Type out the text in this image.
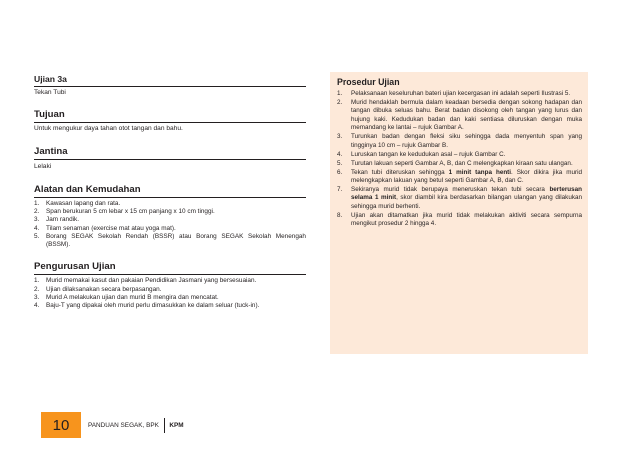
Ujian 3a

Tekan Tubi

Tujuan

Untuk mengukur daya tahan otot tangan dan bahu.

Jantina

Lelaki

Alatan dan Kemudahan

1.	Kawasan lapang dan rata.
2.	Span berukuran 5 cm lebar x 15 cm panjang x 10 cm tinggi.
3.	Jam randik.
4.	Tilam senaman (exercise mat atau yoga mat).
5.	Borang SEGAK Sekolah Rendah (BSSR) atau Borang SEGAK Sekolah Menengah (BSSM).

Pengurusan Ujian

1.	Murid memakai kasut dan pakaian Pendidikan Jasmani yang bersesuaian.
2.	Ujian dilaksanakan secara berpasangan.
3.	Murid A melakukan ujian dan murid B mengira dan mencatat.
4.	Baju-T yang dipakai oleh murid perlu dimasukkan ke dalam seluar (tuck-in).

Prosedur Ujian

1.	Pelaksanaan keseluruhan bateri ujian kecergasan ini adalah seperti Ilustrasi 5.
2.	Murid hendaklah bermula dalam keadaan bersedia dengan sokong hadapan dan tangan dibuka seluas bahu. Berat badan disokong oleh tangan yang lurus dan hujung kaki. Kedudukan badan dan kaki sentiasa diluruskan dengan muka memandang ke lantai – rujuk Gambar A.
3.	Turunkan badan dengan fleksi siku sehingga dada menyentuh span yang tingginya 10 cm – rujuk Gambar B.
4.	Luruskan tangan ke kedudukan asal – rujuk Gambar C.
5.	Turutan lakuan seperti Gambar A, B, dan C melengkapkan kiraan satu ulangan.
6.	Tekan tubi diteruskan sehingga 1 minit tanpa henti. Skor dikira jika murid melengkapkan lakuan yang betul seperti Gambar A, B, dan C.
7.	Sekiranya murid tidak berupaya meneruskan tekan tubi secara berterusan selama 1 minit, skor diambil kira berdasarkan bilangan ulangan yang dilakukan sehingga murid berhenti.
8.	Ujian akan ditamatkan jika murid tidak melakukan aktiviti secara sempurna mengikut prosedur 2 hingga 4.
10	PANDUAN SEGAK, BPK KPM
